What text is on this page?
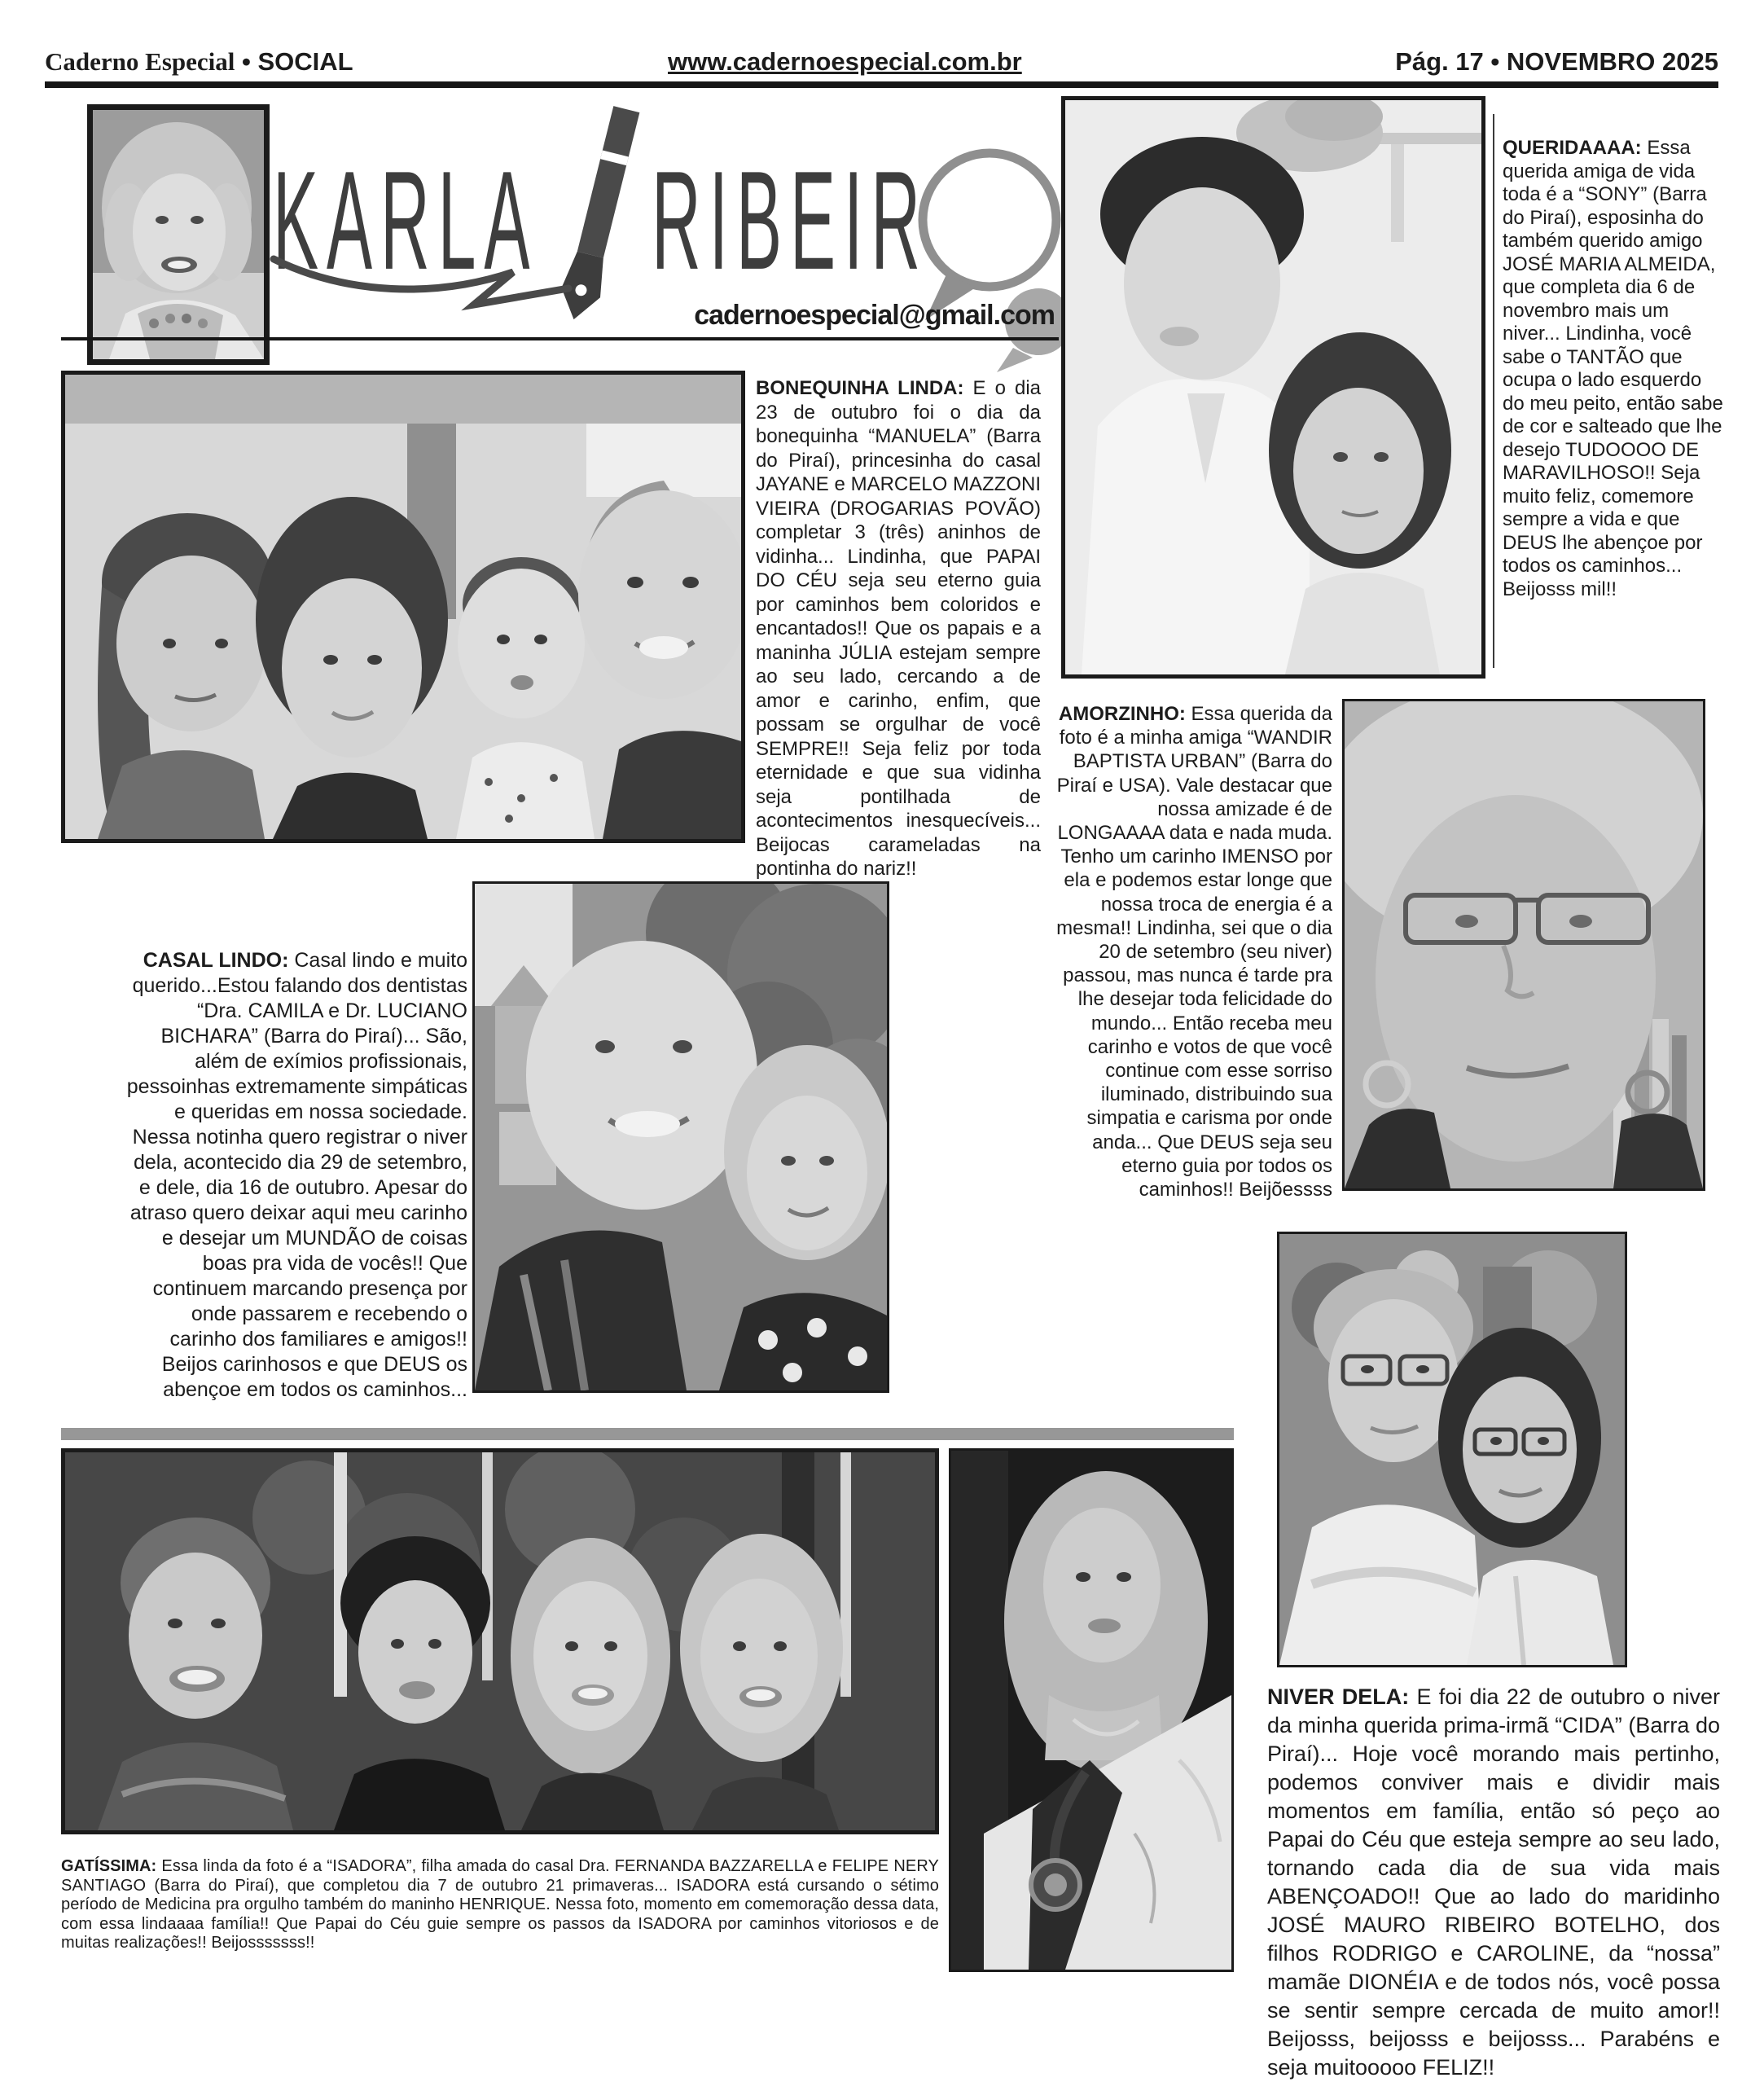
Caderno Especial • SOCIAL	www.cadernoespecial.com.br	Pág. 17 • NOVEMBRO 2025
KARLA RIBEIR
cadernoespecial@gmail.com

QUERIDAAAA: Essa querida amiga de vida toda é a “SONY” (Barra do Piraí), esposinha do também querido amigo JOSÉ MARIA ALMEIDA, que completa dia 6 de novembro mais um niver... Lindinha, você sabe o TANTÃO que ocupa o lado esquerdo do meu peito, então sabe de cor e salteado que lhe desejo TUDOOOO DE MARAVILHOSO!! Seja muito feliz, comemore sempre a vida e que DEUS lhe abençoe por todos os caminhos... Beijosss mil!!

BONEQUINHA LINDA: E o dia 23 de outubro foi o dia da bonequinha “MANUELA” (Barra do Piraí), princesinha do casal JAYANE e MARCELO MAZZONI VIEIRA (DROGARIAS POVÃO) completar 3 (três) aninhos de vidinha... Lindinha, que PAPAI DO CÉU seja seu eterno guia por caminhos bem coloridos e encantados!! Que os papais e a maninha JÚLIA estejam sempre ao seu lado, cercando a de amor e carinho, enfim, que possam se orgulhar de você SEMPRE!! Seja feliz por toda eternidade e que sua vidinha seja pontilhada de acontecimentos inesquecíveis... Beijocas carameladas na pontinha do nariz!!

AMORZINHO: Essa querida da foto é a minha amiga “WANDIR BAPTISTA URBAN” (Barra do Piraí e USA). Vale destacar que nossa amizade é de LONGAAAA data e nada muda. Tenho um carinho IMENSO por ela e podemos estar longe que nossa troca de energia é a mesma!! Lindinha, sei que o dia 20 de setembro (seu niver) passou, mas nunca é tarde pra lhe desejar toda felicidade do mundo... Então receba meu carinho e votos de que você continue com esse sorriso iluminado, distribuindo sua simpatia e carisma por onde anda... Que DEUS seja seu eterno guia por todos os caminhos!! Beijõessss

CASAL LINDO: Casal lindo e muito querido...Estou falando dos dentistas “Dra. CAMILA e Dr. LUCIANO BICHARA” (Barra do Piraí)... São, além de exímios profissionais, pessoinhas extremamente simpáticas e queridas em nossa sociedade. Nessa notinha quero registrar o niver dela, acontecido dia 29 de setembro, e dele, dia 16 de outubro. Apesar do atraso quero deixar aqui meu carinho e desejar um MUNDÃO de coisas boas pra vida de vocês!! Que continuem marcando presença por onde passarem e recebendo o carinho dos familiares e amigos!! Beijos carinhosos e que DEUS os abençoe em todos os caminhos...

NIVER DELA: E foi dia 22 de outubro o niver da minha querida prima-irmã “CIDA” (Barra do Piraí)... Hoje você morando mais pertinho, podemos conviver mais e dividir mais momentos em família, então só peço ao Papai do Céu que esteja sempre ao seu lado, tornando cada dia de sua vida mais ABENÇOADO!! Que ao lado do maridinho JOSÉ MAURO RIBEIRO BOTELHO, dos filhos RODRIGO e CAROLINE, da “nossa” mamãe DIONÉIA e de todos nós, você possa se sentir sempre cercada de muito amor!! Beijosss, beijosss e beijosss... Parabéns e seja muitooooo FELIZ!!

GATÍSSIMA: Essa linda da foto é a “ISADORA”, filha amada do casal Dra. FERNANDA BAZZARELLA e FELIPE NERY SANTIAGO (Barra do Piraí), que completou dia 7 de outubro 21 primaveras... ISADORA está cursando o sétimo período de Medicina pra orgulho também do maninho HENRIQUE. Nessa foto, momento em comemoração dessa data, com essa lindaaaa família!! Que Papai do Céu guie sempre os passos da ISADORA por caminhos vitoriosos e de muitas realizações!! Beijosssssss!!
